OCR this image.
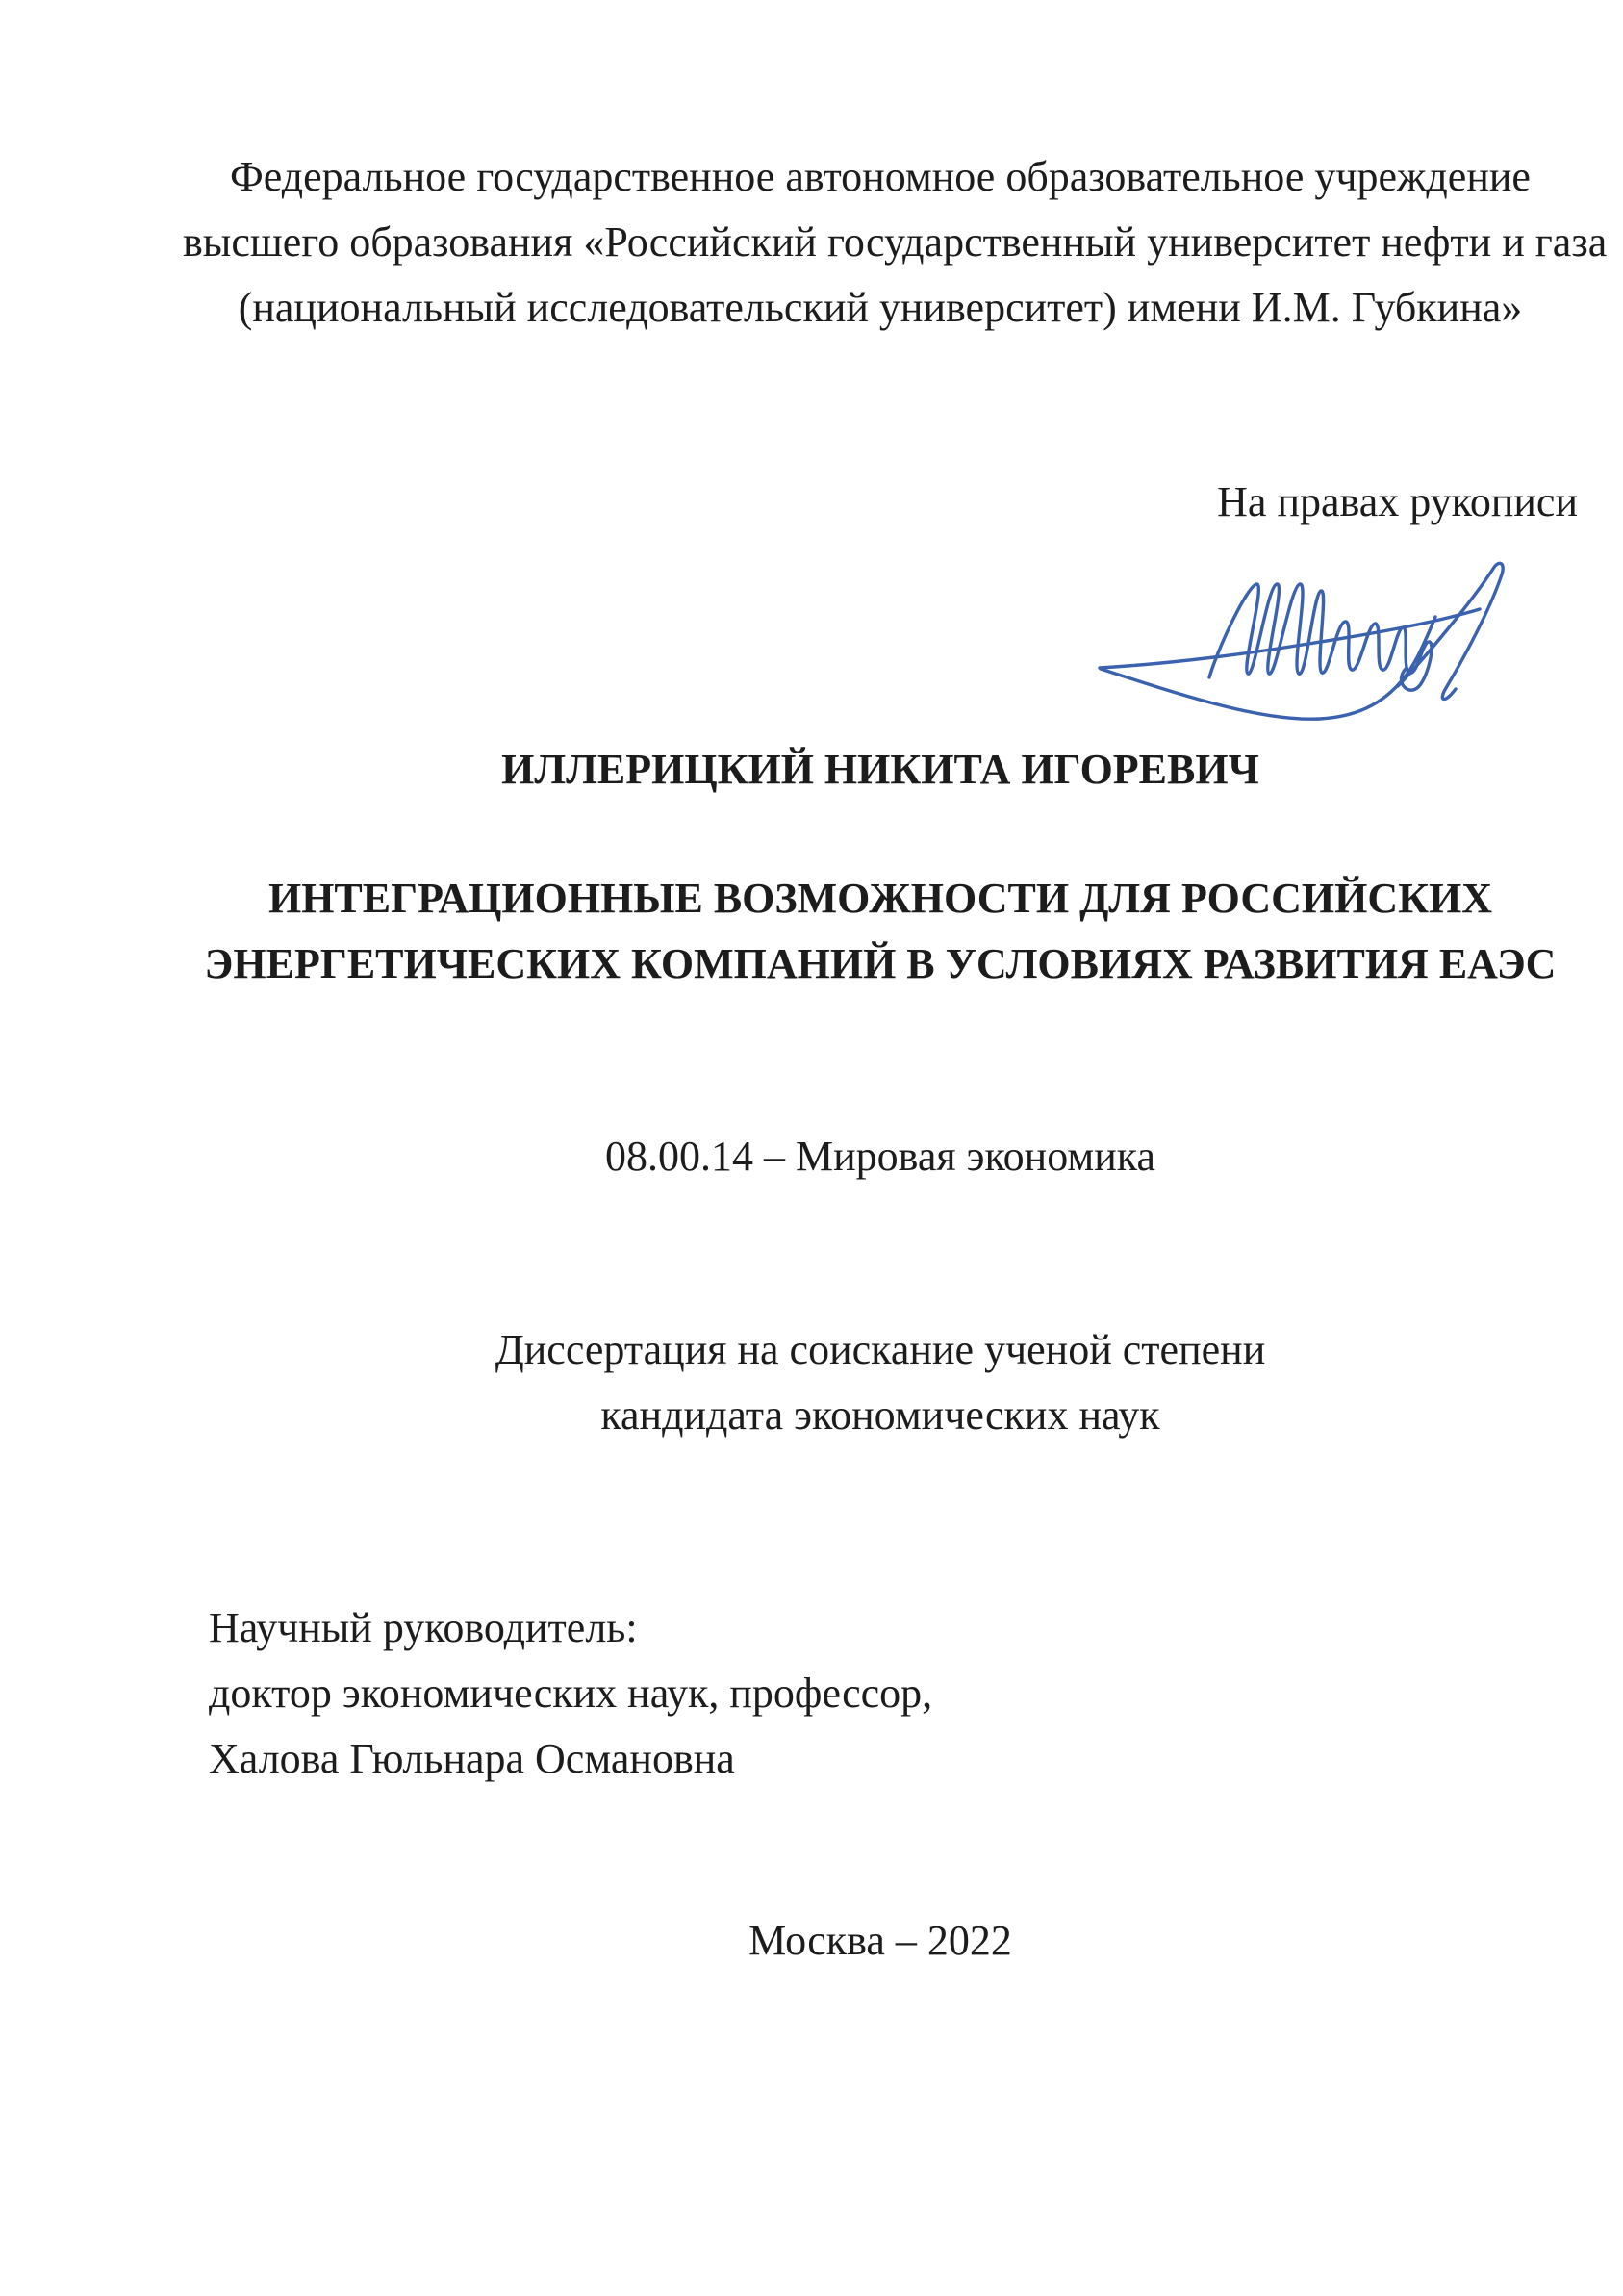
Федеральное государственное автономное образовательное учреждение
высшего образования «Российский государственный университет нефти и газа
(национальный исследовательский университет) имени И.М. Губкина»
На правах рукописи
ИЛЛЕРИЦКИЙ НИКИТА ИГОРЕВИЧ
ИНТЕГРАЦИОННЫЕ ВОЗМОЖНОСТИ ДЛЯ РОССИЙСКИХ
ЭНЕРГЕТИЧЕСКИХ КОМПАНИЙ В УСЛОВИЯХ РАЗВИТИЯ ЕАЭС
08.00.14 – Мировая экономика
Диссертация на соискание ученой степени
кандидата экономических наук
Научный руководитель:
доктор экономических наук, профессор,
Халова Гюльнара Османовна
Москва – 2022
